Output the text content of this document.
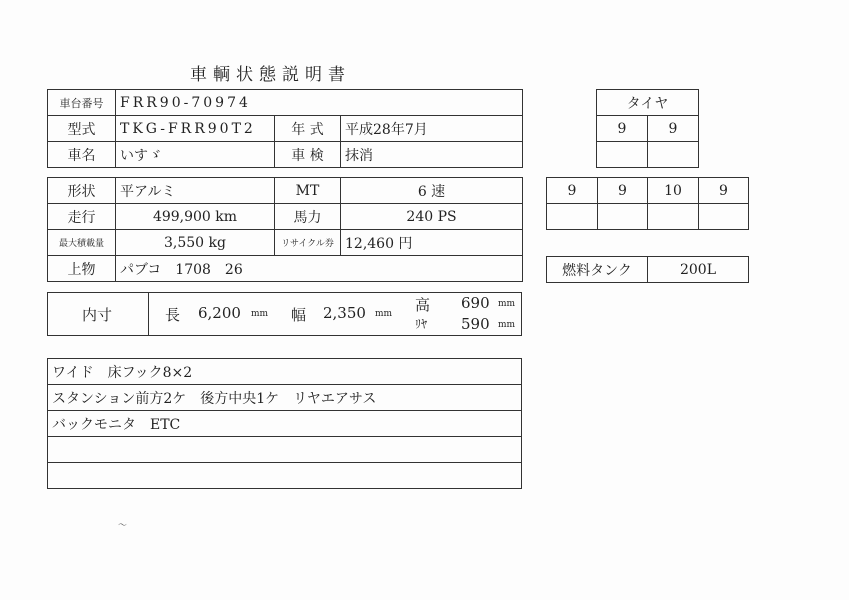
車輌状態説明書
車台番号	FRR90-70974		
型式	TKG-FRR90T2	年 式	平成28年7月
車名	いすゞ	車 検	抹消
形状	平アルミ	MT	6 速
走行	499,900 km	馬力	240 PS
最大積載量	3,550 kg	リサイクル券	12,460 円
上物	パブコ　1708　26		
内寸	長 6,200 mm 幅 2,350 mm 高 690 mm
ﾘﾔ 590 mm
ワイド　床フック8×2
スタンション前方2ケ　後方中央1ケ　リヤエアサス
バックモニタ　ETC

タイヤ	
9	9

9	9	10	9

燃料タンク	200L
〜
